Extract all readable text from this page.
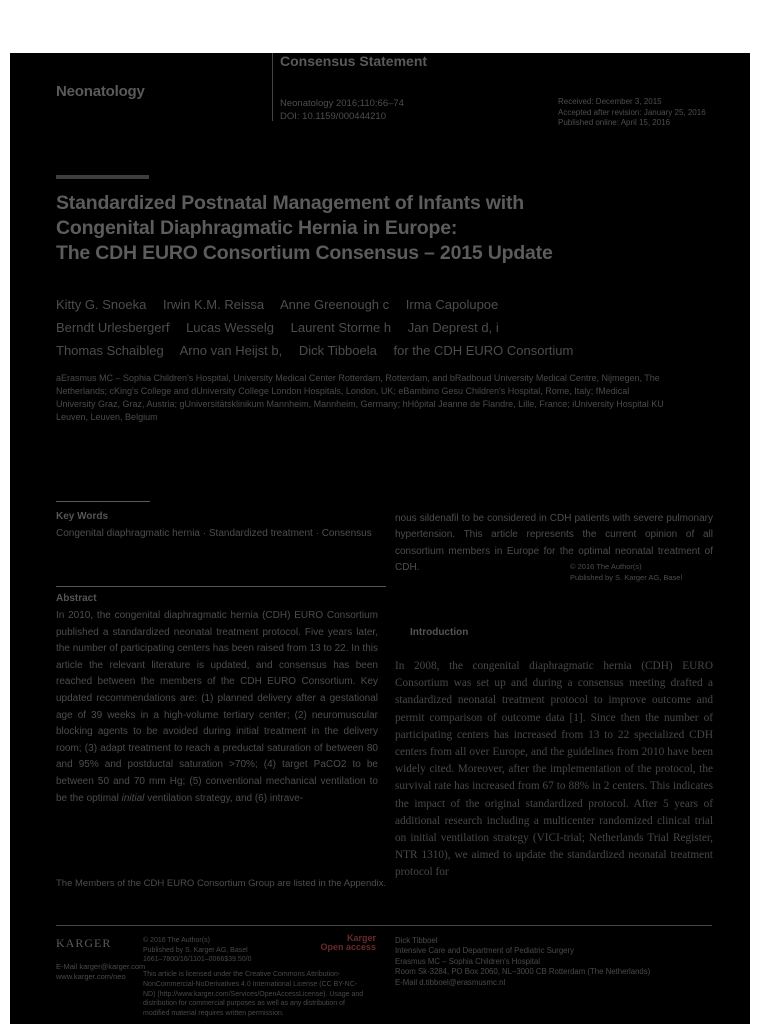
Neonatology
Consensus Statement
Neonatology 2016;110:66–74
DOI: 10.1159/000444210
Received: December 3, 2015
Accepted after revision: January 25, 2016
Published online: April 15, 2016
Standardized Postnatal Management of Infants with
Congenital Diaphragmatic Hernia in Europe:
The CDH EURO Consortium Consensus – 2015 Update
Kitty G. Snoeka Irwin K.M. Reissa Anne Greenough c Irma Capolupoe
Berndt Urlesbergerf Lucas Wesselg Laurent Storme h Jan Deprest d, i
Thomas Schaibleg Arno van Heijst b, Dick Tibboela for the CDH EURO Consortium
aErasmus MC – Sophia Children's Hospital, University Medical Center Rotterdam, Rotterdam, and bRadboud University Medical Centre, Nijmegen, The Netherlands; cKing's College and dUniversity College London Hospitals, London, UK; eBambino Gesu Children's Hospital, Rome, Italy; fMedical University Graz, Graz, Austria; gUniversitätsklinikum Mannheim, Mannheim, Germany; hHôpital Jeanne de Flandre, Lille, France; iUniversity Hospital KU Leuven, Leuven, Belgium
Key Words
Congenital diaphragmatic hernia · Standardized treatment · Consensus
Abstract
In 2010, the congenital diaphragmatic hernia (CDH) EURO Consortium published a standardized neonatal treatment protocol. Five years later, the number of participating centers has been raised from 13 to 22. In this article the relevant literature is updated, and consensus has been reached between the members of the CDH EURO Consortium. Key updated recommendations are: (1) planned delivery after a gestational age of 39 weeks in a high-volume tertiary center; (2) neuromuscular blocking agents to be avoided during initial treatment in the delivery room; (3) adapt treatment to reach a preductal saturation of between 80 and 95% and postductal saturation >70%; (4) target PaCO2 to be between 50 and 70 mm Hg; (5) conventional mechanical ventilation to be the optimal initial ventilation strategy, and (6) intrave-
The Members of the CDH EURO Consortium Group are listed in the Appendix.
nous sildenafil to be considered in CDH patients with severe pulmonary hypertension. This article represents the current opinion of all consortium members in Europe for the optimal neonatal treatment of CDH.	© 2016 The Author(s)
Published by S. Karger AG, Basel
Introduction
In 2008, the congenital diaphragmatic hernia (CDH) EURO Consortium was set up and during a consensus meeting drafted a standardized neonatal treatment protocol to improve outcome and permit comparison of outcome data [1]. Since then the number of participating centers has increased from 13 to 22 specialized CDH centers from all over Europe, and the guidelines from 2010 have been widely cited. Moreover, after the implementation of the protocol, the survival rate has increased from 67 to 88% in 2 centers. This indicates the impact of the original standardized protocol. After 5 years of additional research including a multicenter randomized clinical trial on initial ventilation strategy (VICI-trial; Netherlands Trial Register, NTR 1310), we aimed to update the standardized neonatal treatment protocol for
KARGER
E-Mail karger@karger.com
www.karger.com/neo
© 2016 The Author(s)
Published by S. Karger AG, Basel
1661–7800/16/1101–0066$39.50/0
This article is licensed under the Creative Commons Attribution-NonCommercial-NoDerivatives 4.0 International License (CC BY-NC-ND) (http://www.karger.com/Services/OpenAccessLicense). Usage and distribution for commercial purposes as well as any distribution of modified material requires written permission.
Karger
Open access
Dick Tibboel
Intensive Care and Department of Pediatric Surgery
Erasmus MC – Sophia Children's Hospital
Room Sk-3284, PO Box 2060, NL–3000 CB Rotterdam (The Netherlands)
E-Mail d.tibboel@erasmusmc.nl
